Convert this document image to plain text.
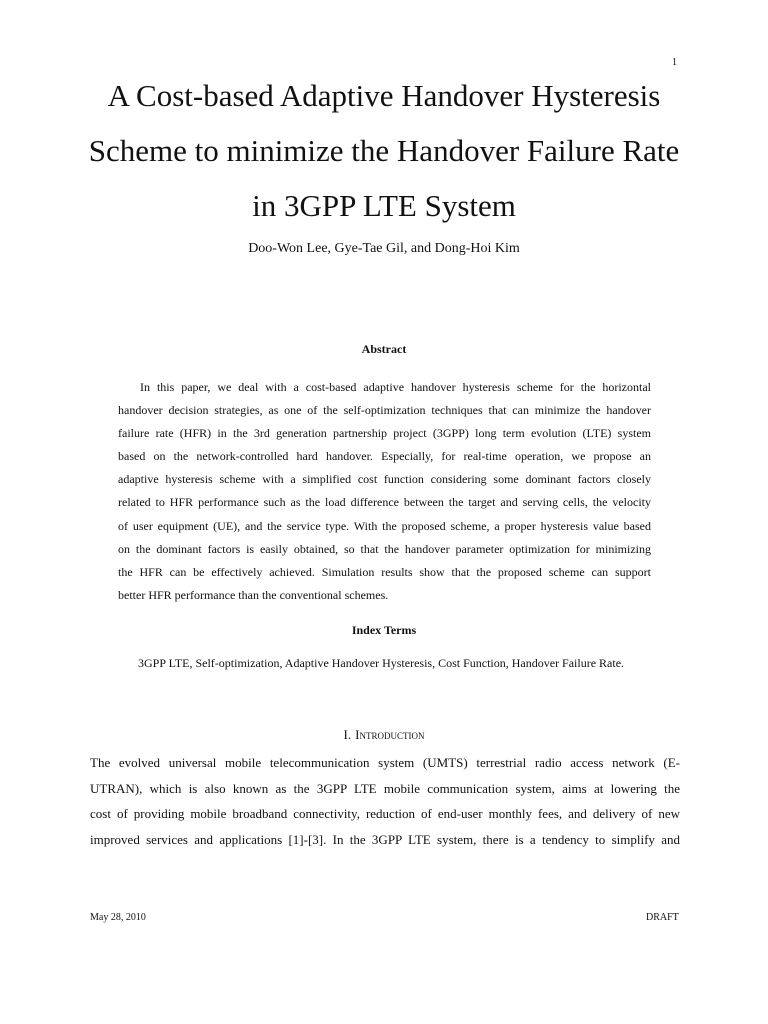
1
A Cost-based Adaptive Handover Hysteresis
Scheme to minimize the Handover Failure Rate
in 3GPP LTE System
Doo-Won Lee, Gye-Tae Gil, and Dong-Hoi Kim
Abstract
In this paper, we deal with a cost-based adaptive handover hysteresis scheme for the horizontal
handover decision strategies, as one of the self-optimization techniques that can minimize the handover
failure rate (HFR) in the 3rd generation partnership project (3GPP) long term evolution (LTE) system
based on the network-controlled hard handover. Especially, for real-time operation, we propose an
adaptive hysteresis scheme with a simplified cost function considering some dominant factors closely
related to HFR performance such as the load difference between the target and serving cells, the velocity
of user equipment (UE), and the service type. With the proposed scheme, a proper hysteresis value based
on the dominant factors is easily obtained, so that the handover parameter optimization for minimizing
the HFR can be effectively achieved. Simulation results show that the proposed scheme can support
better HFR performance than the conventional schemes.
Index Terms
3GPP LTE, Self-optimization, Adaptive Handover Hysteresis, Cost Function, Handover Failure Rate.
I. Introduction
The evolved universal mobile telecommunication system (UMTS) terrestrial radio access network (E-
UTRAN), which is also known as the 3GPP LTE mobile communication system, aims at lowering the
cost of providing mobile broadband connectivity, reduction of end-user monthly fees, and delivery of new
improved services and applications [1]-[3]. In the 3GPP LTE system, there is a tendency to simplify and
May 28, 2010	DRAFT
